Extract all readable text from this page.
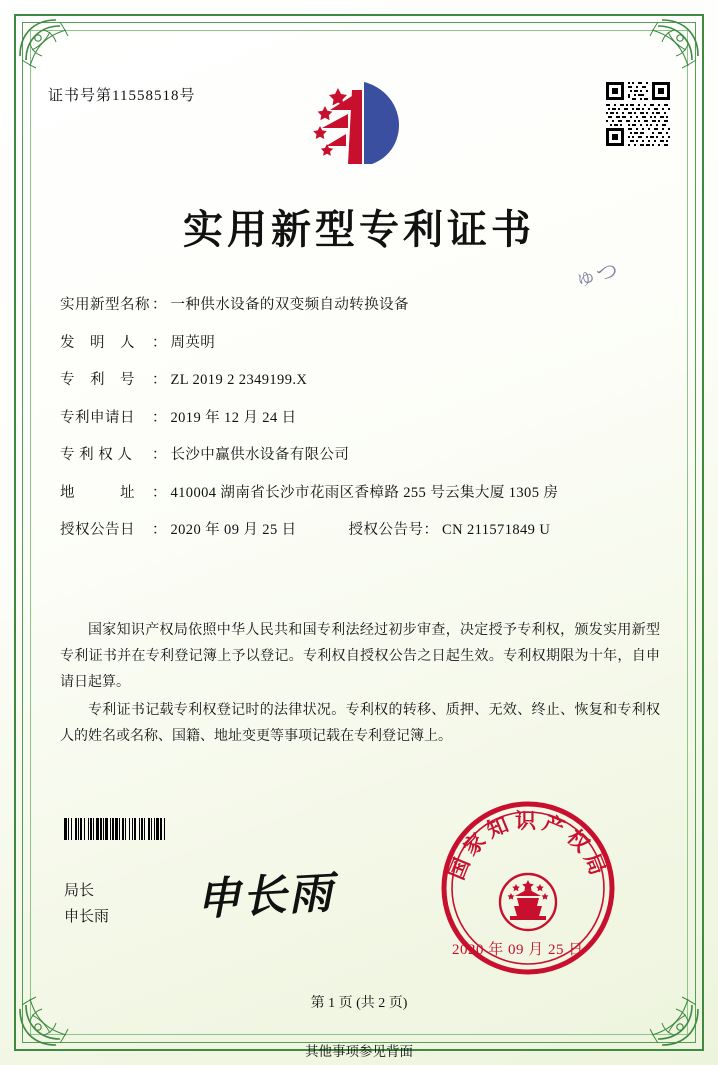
证书号第11558518号
实用新型专利证书
ゅつ
实用新型名称 ： 一种供水设备的双变频自动转换设备
发　明　人	： 周英明
专　利　号	： ZL 2019 2 2349199.X
专利申请日	： 2019 年 12 月 24 日
专 利 权 人	： 长沙中赢供水设备有限公司
地　　　址	： 410004 湖南省长沙市花雨区香樟路 255 号云集大厦 1305 房
授权公告日	： 2020 年 09 月 25 日	授权公告号 ： CN 211571849 U

国家知识产权局依照中华人民共和国专利法经过初步审查，决定授予专利权，颁发实用新型专利证书并在专利登记簿上予以登记。专利权自授权公告之日起生效。专利权期限为十年，自申请日起算。

专利证书记载专利权登记时的法律状况。专利权的转移、质押、无效、终止、恢复和专利权人的姓名或名称、国籍、地址变更等事项记载在专利登记簿上。

局长
申长雨 申长雨
国家知识产权局
2020 年 09 月 25 日
第 1 页 (共 2 页)
其他事项参见背面
